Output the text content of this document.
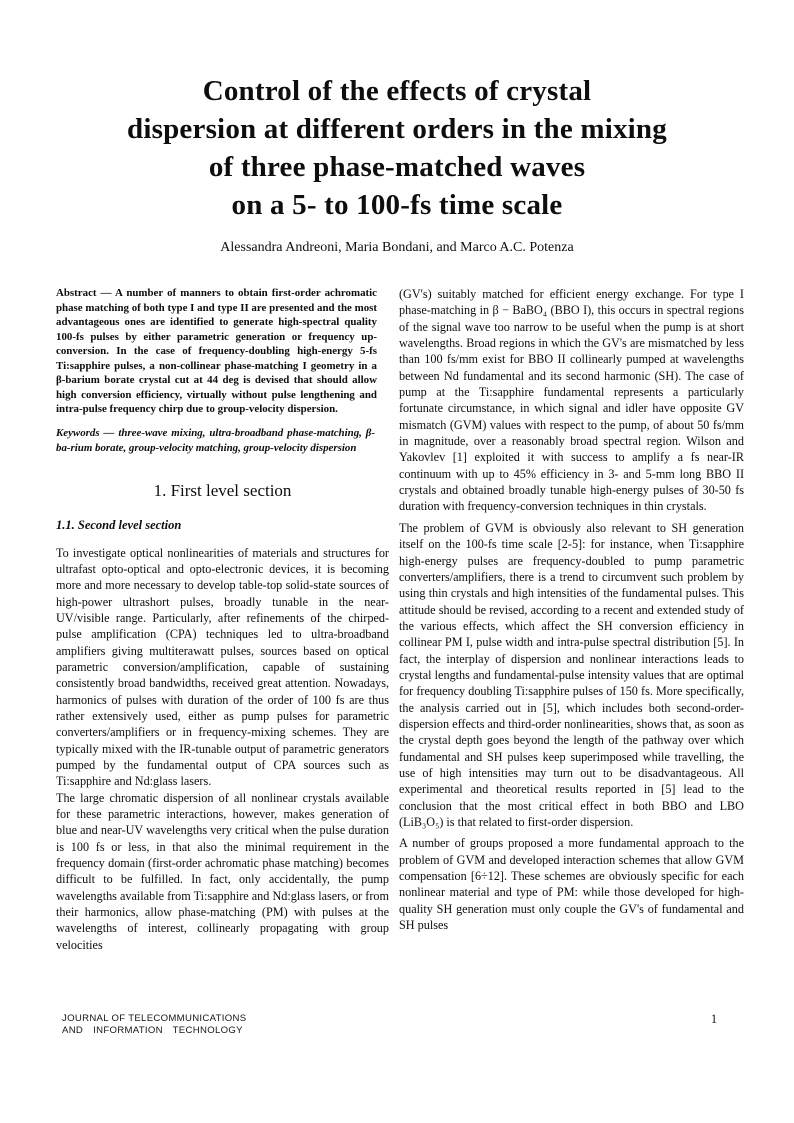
Control of the effects of crystal
dispersion at different orders in the mixing
of three phase-matched waves
on a 5- to 100-fs time scale
Alessandra Andreoni, Maria Bondani, and Marco A.C. Potenza

Abstract — A number of manners to obtain first-order achromatic phase matching of both type I and type II are presented and the most advantageous ones are identified to generate high-spectral quality 100-fs pulses by either parametric generation or frequency up-conversion. In the case of frequency-doubling high-energy 5-fs Ti:sapphire pulses, a non-collinear phase-matching I geometry in a β-barium borate crystal cut at 44 deg is devised that should allow high conversion efficiency, virtually without pulse lengthening and intra-pulse frequency chirp due to group-velocity dispersion.

Keywords — three-wave mixing, ultra-broadband phase-matching, β-ba-rium borate, group-velocity matching, group-velocity dispersion

1. First level section
1.1. Second level section

To investigate optical nonlinearities of materials and structures for ultrafast opto-optical and opto-electronic devices, it is becoming more and more necessary to develop table-top solid-state sources of high-power ultrashort pulses, broadly tunable in the near-UV/visible range. Particularly, after refinements of the chirped-pulse amplification (CPA) techniques led to ultra-broadband amplifiers giving multiterawatt pulses, sources based on optical parametric conversion/amplification, capable of sustaining consistently broad bandwidths, received great attention. Nowadays, harmonics of pulses with duration of the order of 100 fs are thus rather extensively used, either as pump pulses for parametric converters/amplifiers or in frequency-mixing schemes. They are typically mixed with the IR-tunable output of parametric generators pumped by the fundamental output of CPA sources such as Ti:sapphire and Nd:glass lasers.

The large chromatic dispersion of all nonlinear crystals available for these parametric interactions, however, makes generation of blue and near-UV wavelengths very critical when the pulse duration is 100 fs or less, in that also the minimal requirement in the frequency domain (first-order achromatic phase matching) becomes difficult to be fulfilled. In fact, only accidentally, the pump wavelengths available from Ti:sapphire and Nd:glass lasers, or from their harmonics, allow phase-matching (PM) with pulses at the wavelengths of interest, collinearly propagating with group velocities

(GV's) suitably matched for efficient energy exchange. For type I phase-matching in β − BaBO₄ (BBO I), this occurs in spectral regions of the signal wave too narrow to be useful when the pump is at short wavelengths. Broad regions in which the GV's are mismatched by less than 100 fs/mm exist for BBO II collinearly pumped at wavelengths between Nd fundamental and its second harmonic (SH). The case of pump at the Ti:sapphire fundamental represents a particularly fortunate circumstance, in which signal and idler have opposite GV mismatch (GVM) values with respect to the pump, of about 50 fs/mm in magnitude, over a reasonably broad spectral region. Wilson and Yakovlev [1] exploited it with success to amplify a fs near-IR continuum with up to 45% efficiency in 3- and 5-mm long BBO II crystals and obtained broadly tunable high-energy pulses of 30-50 fs duration with frequency-conversion techniques in thin crystals.

The problem of GVM is obviously also relevant to SH generation itself on the 100-fs time scale [2-5]: for instance, when Ti:sapphire high-energy pulses are frequency-doubled to pump parametric converters/amplifiers, there is a trend to circumvent such problem by using thin crystals and high intensities of the fundamental pulses. This attitude should be revised, according to a recent and extended study of the various effects, which affect the SH conversion efficiency in collinear PM I, pulse width and intra-pulse spectral distribution [5]. In fact, the interplay of dispersion and nonlinear interactions leads to crystal lengths and fundamental-pulse intensity values that are optimal for frequency doubling Ti:sapphire pulses of 150 fs. More specifically, the analysis carried out in [5], which includes both second-order-dispersion effects and third-order nonlinearities, shows that, as soon as the crystal depth goes beyond the length of the pathway over which fundamental and SH pulses keep superimposed while travelling, the use of high intensities may turn out to be disadvantageous. All experimental and theoretical results reported in [5] lead to the conclusion that the most critical effect in both BBO and LBO (LiB₃O₅) is that related to first-order dispersion.

A number of groups proposed a more fundamental approach to the problem of GVM and developed interaction schemes that allow GVM compensation [6÷12]. These schemes are obviously specific for each nonlinear material and type of PM: while those developed for high-quality SH generation must only couple the GV's of fundamental and SH pulses

JOURNAL OF TELECOMMUNICATIONS
AND INFORMATION TECHNOLOGY
1
